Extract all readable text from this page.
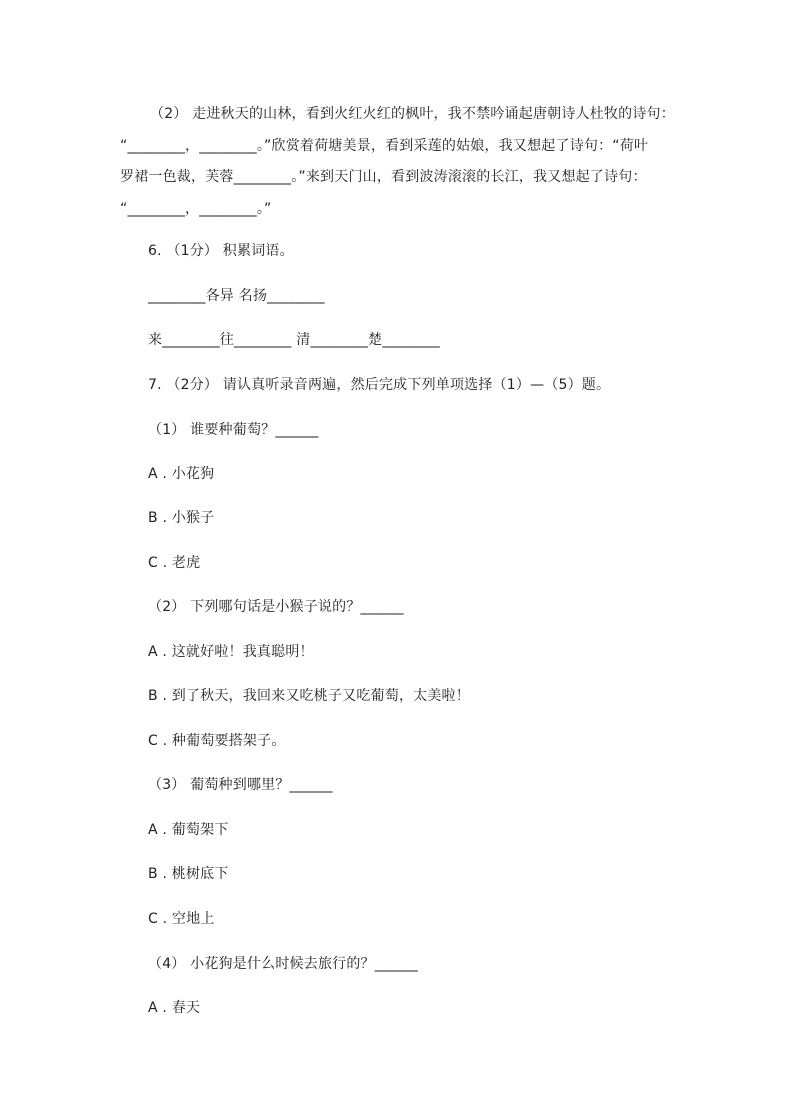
（2） 走进秋天的山林，看到火红火红的枫叶，我不禁吟诵起唐朝诗人杜牧的诗句：
“________，________。”欣赏着荷塘美景，看到采莲的姑娘，我又想起了诗句：“荷叶
罗裙一色裁，芙蓉________。”来到天门山，看到波涛滚滚的长江，我又想起了诗句：
“________，________。”
6. （1分） 积累词语。
________各异 名扬________
来________往________ 清________楚________
7. （2分） 请认真听录音两遍，然后完成下列单项选择（1）—（5）题。
（1） 谁要种葡萄？______
A . 小花狗
B . 小猴子
C . 老虎
（2） 下列哪句话是小猴子说的？______
A . 这就好啦！我真聪明！
B . 到了秋天，我回来又吃桃子又吃葡萄，太美啦！
C . 种葡萄要搭架子。
（3） 葡萄种到哪里？______
A . 葡萄架下
B . 桃树底下
C . 空地上
（4） 小花狗是什么时候去旅行的？______
A . 春天
